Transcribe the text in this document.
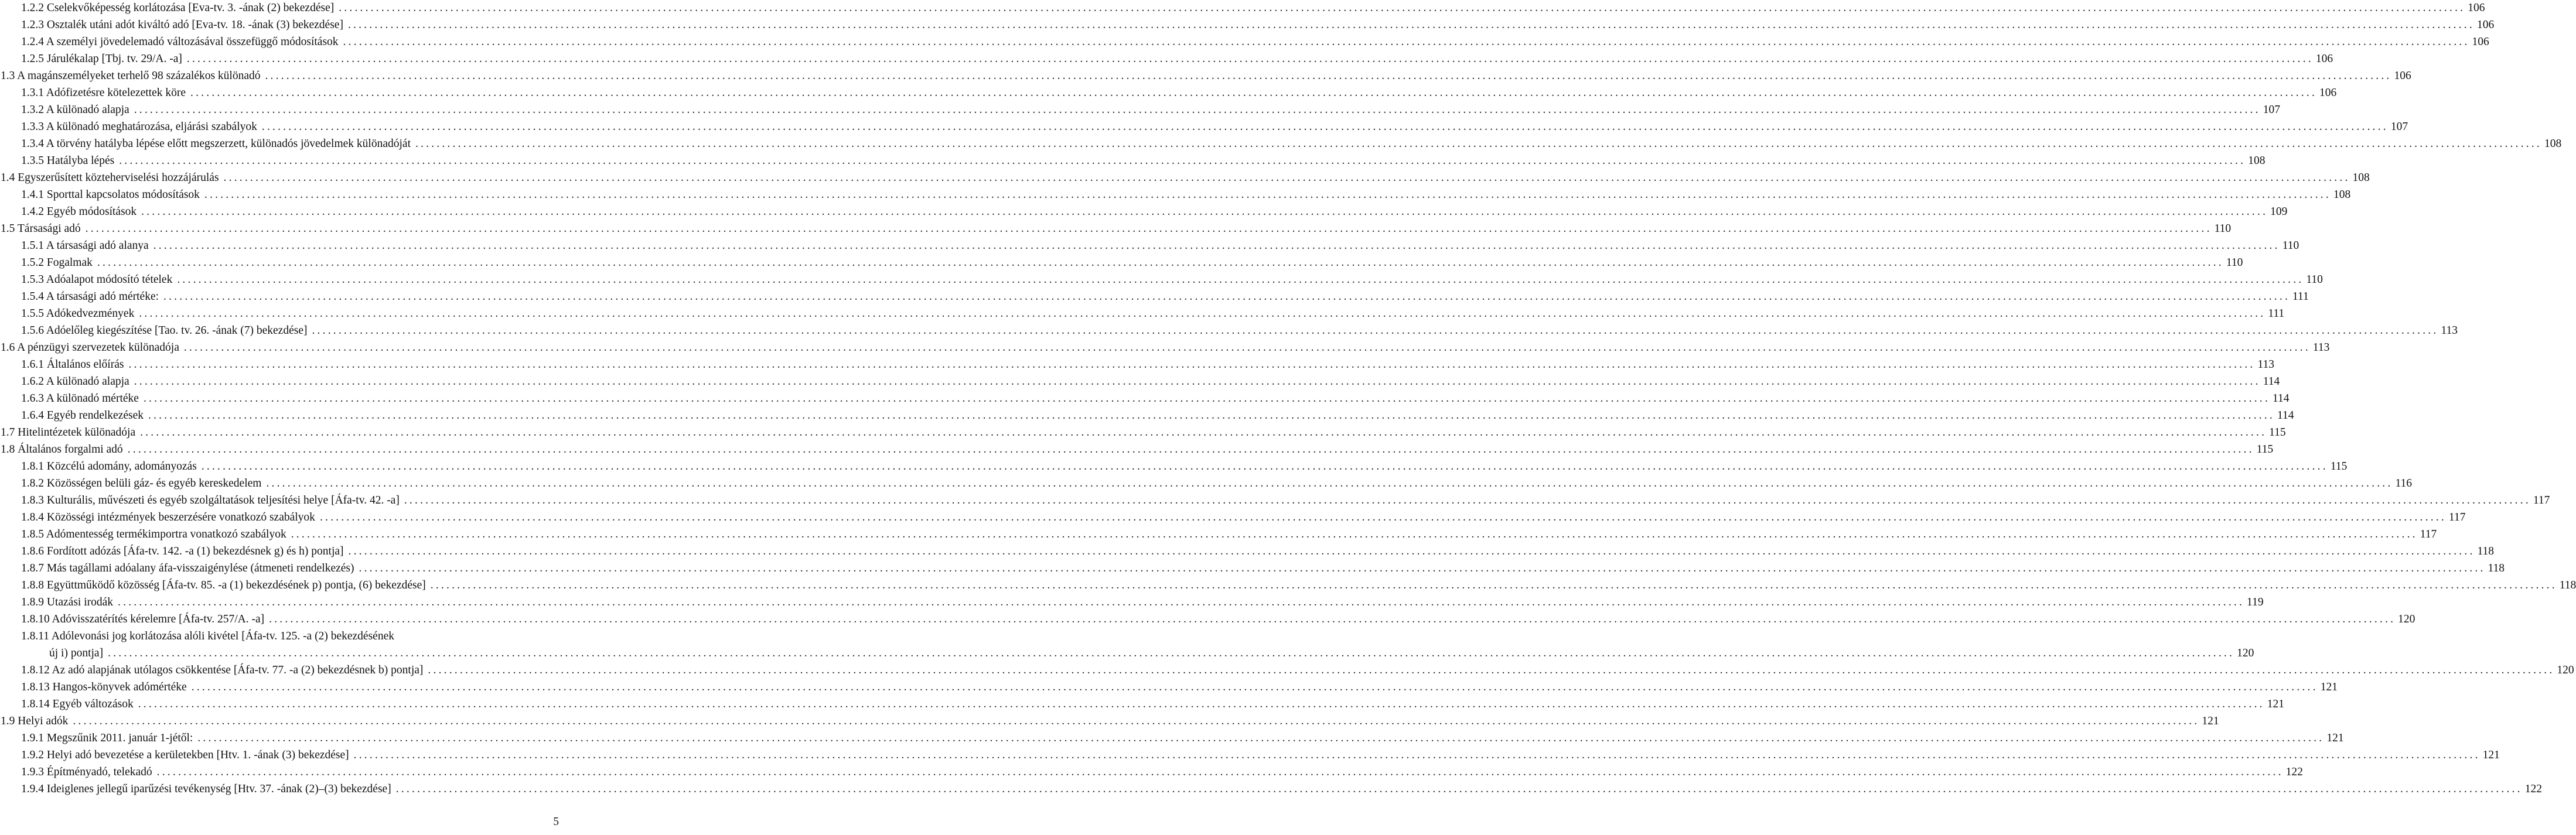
1.2.2 Cselekvőképesség korlátozása [Eva-tv. 3. -ának (2) bekezdése] ................................................................................................................................................................................................................................................................................................................................................................................................................ 106
1.2.3 Osztalék utáni adót kiváltó adó [Eva-tv. 18. -ának (3) bekezdése] ................................................................................................................................................................................................................................................................................................................................................................................................................ 106
1.2.4 A személyi jövedelemadó változásával összefüggő módosítások ................................................................................................................................................................................................................................................................................................................................................................................................................ 106
1.2.5 Járulékalap [Tbj. tv. 29/A. -a] ................................................................................................................................................................................................................................................................................................................................................................................................................ 106
1.3 A magánszemélyeket terhelő 98 százalékos különadó ................................................................................................................................................................................................................................................................................................................................................................................................................ 106
1.3.1 Adófizetésre kötelezettek köre ................................................................................................................................................................................................................................................................................................................................................................................................................ 106
1.3.2 A különadó alapja ................................................................................................................................................................................................................................................................................................................................................................................................................ 107
1.3.3 A különadó meghatározása, eljárási szabályok ................................................................................................................................................................................................................................................................................................................................................................................................................ 107
1.3.4 A törvény hatályba lépése előtt megszerzett, különadós jövedelmek különadóját ................................................................................................................................................................................................................................................................................................................................................................................................................ 108
1.3.5 Hatályba lépés ................................................................................................................................................................................................................................................................................................................................................................................................................ 108
1.4 Egyszerűsített közteherviselési hozzájárulás ................................................................................................................................................................................................................................................................................................................................................................................................................ 108
1.4.1 Sporttal kapcsolatos módosítások ................................................................................................................................................................................................................................................................................................................................................................................................................ 108
1.4.2 Egyéb módosítások ................................................................................................................................................................................................................................................................................................................................................................................................................ 109
1.5 Társasági adó ................................................................................................................................................................................................................................................................................................................................................................................................................ 110
1.5.1 A társasági adó alanya ................................................................................................................................................................................................................................................................................................................................................................................................................ 110
1.5.2 Fogalmak ................................................................................................................................................................................................................................................................................................................................................................................................................ 110
1.5.3 Adóalapot módosító tételek ................................................................................................................................................................................................................................................................................................................................................................................................................ 110
1.5.4 A társasági adó mértéke: ................................................................................................................................................................................................................................................................................................................................................................................................................ 111
1.5.5 Adókedvezmények ................................................................................................................................................................................................................................................................................................................................................................................................................ 111
1.5.6 Adóelőleg kiegészítése [Tao. tv. 26. -ának (7) bekezdése] ................................................................................................................................................................................................................................................................................................................................................................................................................ 113
1.6 A pénzügyi szervezetek különadója ................................................................................................................................................................................................................................................................................................................................................................................................................ 113
1.6.1 Általános előírás ................................................................................................................................................................................................................................................................................................................................................................................................................ 113
1.6.2 A különadó alapja ................................................................................................................................................................................................................................................................................................................................................................................................................ 114
1.6.3 A különadó mértéke ................................................................................................................................................................................................................................................................................................................................................................................................................ 114
1.6.4 Egyéb rendelkezések ................................................................................................................................................................................................................................................................................................................................................................................................................ 114
1.7 Hitelintézetek különadója ................................................................................................................................................................................................................................................................................................................................................................................................................ 115
1.8 Általános forgalmi adó ................................................................................................................................................................................................................................................................................................................................................................................................................ 115
1.8.1 Közcélú adomány, adományozás ................................................................................................................................................................................................................................................................................................................................................................................................................ 115
1.8.2 Közösségen belüli gáz- és egyéb kereskedelem ................................................................................................................................................................................................................................................................................................................................................................................................................ 116
1.8.3 Kulturális, művészeti és egyéb szolgáltatások teljesítési helye [Áfa-tv. 42. -a] ................................................................................................................................................................................................................................................................................................................................................................................................................ 117
1.8.4 Közösségi intézmények beszerzésére vonatkozó szabályok ................................................................................................................................................................................................................................................................................................................................................................................................................ 117
1.8.5 Adómentesség termékimportra vonatkozó szabályok ................................................................................................................................................................................................................................................................................................................................................................................................................ 117
1.8.6 Fordított adózás [Áfa-tv. 142. -a (1) bekezdésnek g) és h) pontja] ................................................................................................................................................................................................................................................................................................................................................................................................................ 118
1.8.7 Más tagállami adóalany áfa-visszaigénylése (átmeneti rendelkezés) ................................................................................................................................................................................................................................................................................................................................................................................................................ 118
1.8.8 Együttműködő közösség [Áfa-tv. 85. -a (1) bekezdésének p) pontja, (6) bekezdése] ................................................................................................................................................................................................................................................................................................................................................................................................................ 118
1.8.9 Utazási irodák ................................................................................................................................................................................................................................................................................................................................................................................................................ 119
1.8.10 Adóvisszatérítés kérelemre [Áfa-tv. 257/A. -a] ................................................................................................................................................................................................................................................................................................................................................................................................................ 120
1.8.11 Adólevonási jog korlátozása alóli kivétel [Áfa-tv. 125. -a (2) bekezdésének
új i) pontja] ................................................................................................................................................................................................................................................................................................................................................................................................................ 120
1.8.12 Az adó alapjának utólagos csökkentése [Áfa-tv. 77. -a (2) bekezdésnek b) pontja] ................................................................................................................................................................................................................................................................................................................................................................................................................ 120
1.8.13 Hangos-könyvek adómértéke ................................................................................................................................................................................................................................................................................................................................................................................................................ 121
1.8.14 Egyéb változások ................................................................................................................................................................................................................................................................................................................................................................................................................ 121
1.9 Helyi adók ................................................................................................................................................................................................................................................................................................................................................................................................................ 121
1.9.1 Megszűnik 2011. január 1-jétől: ................................................................................................................................................................................................................................................................................................................................................................................................................ 121
1.9.2 Helyi adó bevezetése a kerületekben [Htv. 1. -ának (3) bekezdése] ................................................................................................................................................................................................................................................................................................................................................................................................................ 121
1.9.3 Építményadó, telekadó ................................................................................................................................................................................................................................................................................................................................................................................................................ 122
1.9.4 Ideiglenes jellegű iparűzési tevékenység [Htv. 37. -ának (2)–(3) bekezdése] ................................................................................................................................................................................................................................................................................................................................................................................................................ 122
5
